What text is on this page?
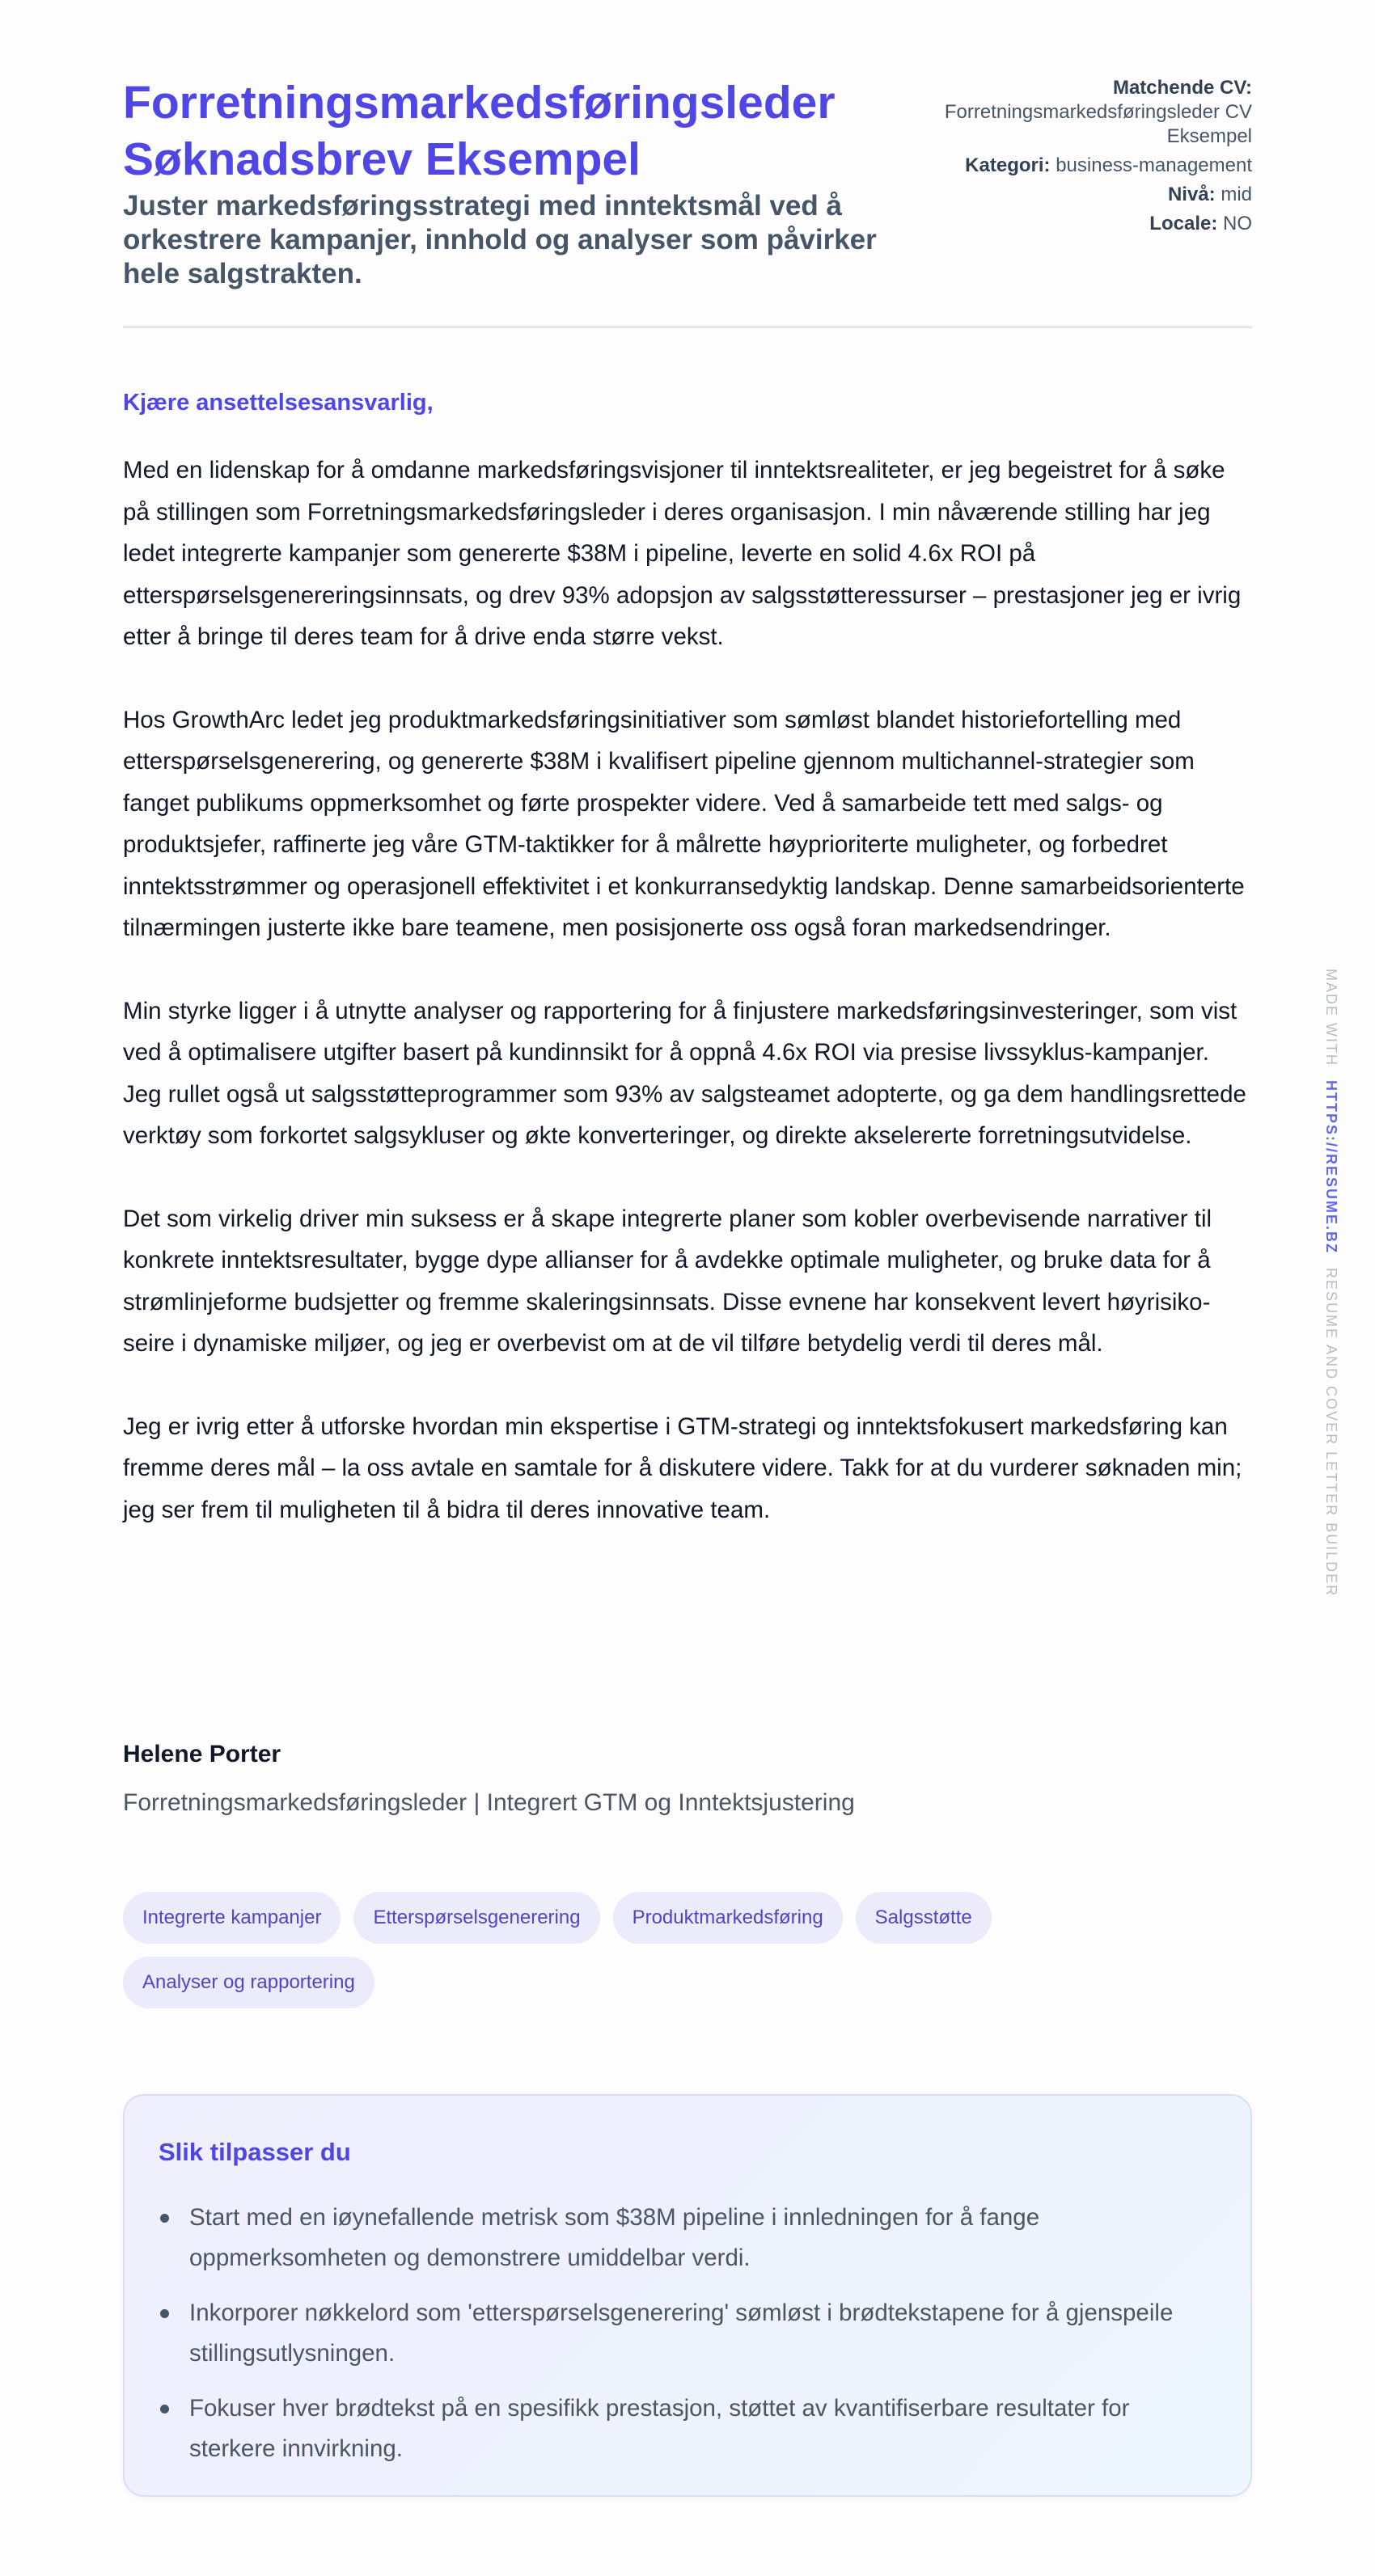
Forretningsmarkedsføringsleder
Søknadsbrev Eksempel
Juster markedsføringsstrategi med inntektsmål ved å orkestrere kampanjer, innhold og analyser som påvirker hele salgstrakten.
Matchende CV:
Forretningsmarkedsføringsleder CV Eksempel
Kategori: business-management
Nivå: mid
Locale: NO
Kjære ansettelsesansvarlig,

Med en lidenskap for å omdanne markedsføringsvisjoner til inntektsrealiteter, er jeg begeistret for å søke på stillingen som Forretningsmarkedsføringsleder i deres organisasjon. I min nåværende stilling har jeg ledet integrerte kampanjer som genererte $38M i pipeline, leverte en solid 4.6x ROI på etterspørselsgenereringsinnsats, og drev 93% adopsjon av salgsstøtteressurser – prestasjoner jeg er ivrig etter å bringe til deres team for å drive enda større vekst.

Hos GrowthArc ledet jeg produktmarkedsføringsinitiativer som sømløst blandet historiefortelling med etterspørselsgenerering, og genererte $38M i kvalifisert pipeline gjennom multichannel-strategier som fanget publikums oppmerksomhet og førte prospekter videre. Ved å samarbeide tett med salgs- og produktsjefer, raffinerte jeg våre GTM-taktikker for å målrette høyprioriterte muligheter, og forbedret inntektsstrømmer og operasjonell effektivitet i et konkurransedyktig landskap. Denne samarbeidsorienterte tilnærmingen justerte ikke bare teamene, men posisjonerte oss også foran markedsendringer.

Min styrke ligger i å utnytte analyser og rapportering for å finjustere markedsføringsinvesteringer, som vist ved å optimalisere utgifter basert på kundinnsikt for å oppnå 4.6x ROI via presise livssyklus-kampanjer. Jeg rullet også ut salgsstøtteprogrammer som 93% av salgsteamet adopterte, og ga dem handlingsrettede verktøy som forkortet salgsykluser og økte konverteringer, og direkte akselererte forretningsutvidelse.

Det som virkelig driver min suksess er å skape integrerte planer som kobler overbevisende narrativer til konkrete inntektsresultater, bygge dype allianser for å avdekke optimale muligheter, og bruke data for å strømlinjeforme budsjetter og fremme skaleringsinnsats. Disse evnene har konsekvent levert høyrisiko-seire i dynamiske miljøer, og jeg er overbevist om at de vil tilføre betydelig verdi til deres mål.

Jeg er ivrig etter å utforske hvordan min ekspertise i GTM-strategi og inntektsfokusert markedsføring kan fremme deres mål – la oss avtale en samtale for å diskutere videre. Takk for at du vurderer søknaden min; jeg ser frem til muligheten til å bidra til deres innovative team.

Helene Porter
Forretningsmarkedsføringsleder | Integrert GTM og Inntektsjustering
Integrerte kampanjer	Etterspørselsgenerering	Produktmarkedsføring	Salgsstøtte
Analyser og rapportering
Slik tilpasser du
Start med en iøynefallende metrisk som $38M pipeline i innledningen for å fange oppmerksomheten og demonstrere umiddelbar verdi.
Inkorporer nøkkelord som 'etterspørselsgenerering' sømløst i brødtekstapene for å gjenspeile stillingsutlysningen.
Fokuser hver brødtekst på en spesifikk prestasjon, støttet av kvantifiserbare resultater for sterkere innvirkning.
MADE WITH HTTPS://RESUME.BZ RESUME AND COVER LETTER BUILDER
